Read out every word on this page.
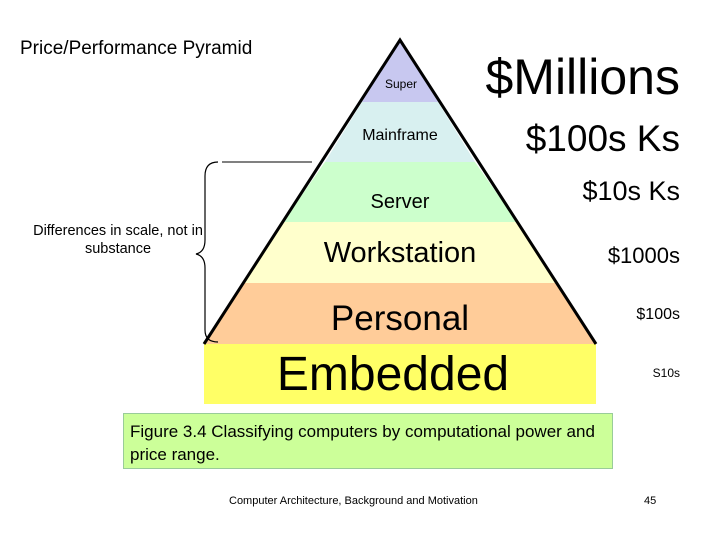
Price/Performance Pyramid
Super
Mainframe
Server
Workstation
Personal
Embedded
$Millions
$100s Ks
$10s Ks
$1000s
$100s
S10s
Differences in scale, not in substance
Figure 3.4 Classifying computers by computational power and price range.
Computer Architecture, Background and Motivation	45
